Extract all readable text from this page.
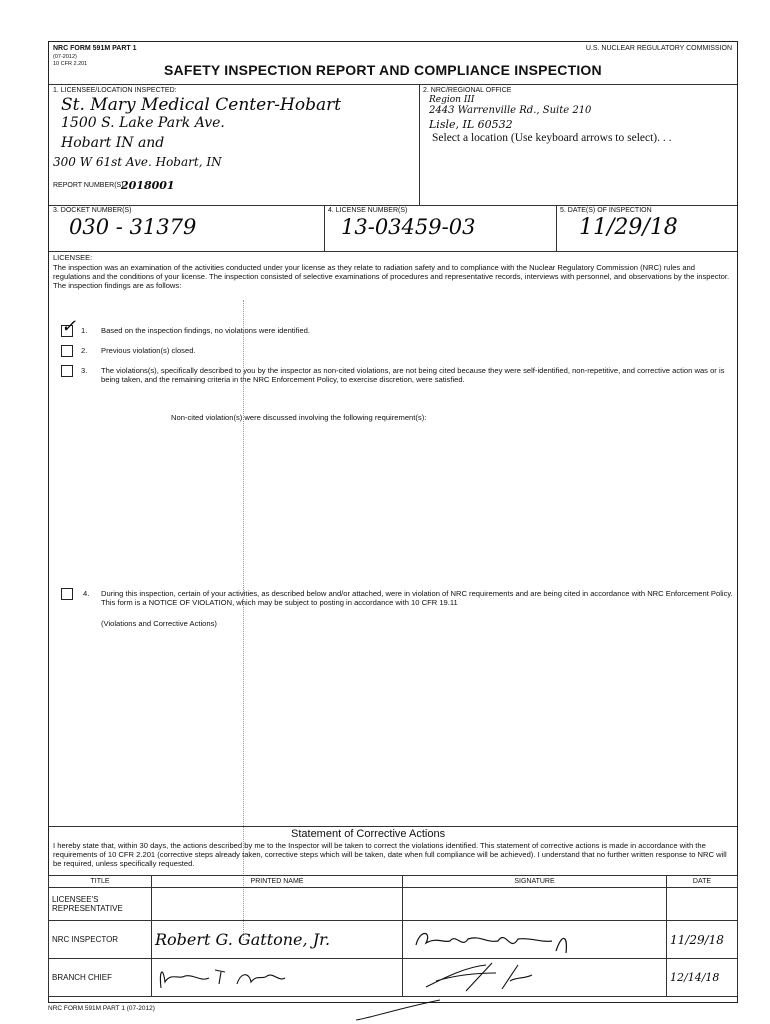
NRC FORM 591M PART 1
(07-2012)
10 CFR 2.201
U.S. NUCLEAR REGULATORY COMMISSION
SAFETY INSPECTION REPORT AND COMPLIANCE INSPECTION
1. LICENSEE/LOCATION INSPECTED:
St. Mary Medical Center-Hobart
1500 S. Lake Park Ave.
Hobart IN and
300 W 61st Ave. Hobart, IN
REPORT NUMBER(S)
2018001
2. NRC/REGIONAL OFFICE
Region III
2443 Warrenville Rd., Suite 210
Lisle, IL 60532
Select a location (Use keyboard arrows to select). . .
3. DOCKET NUMBER(S)
030 - 31379
4. LICENSE NUMBER(S)
13-03459-03
5. DATE(S) OF INSPECTION
11/29/18
LICENSEE:
The inspection was an examination of the activities conducted under your license as they relate to radiation safety and to compliance with the Nuclear Regulatory Commission (NRC) rules and regulations and the conditions of your license. The inspection consisted of selective examinations of procedures and representative records, interviews with personnel, and observations by the inspector. The inspection findings are as follows:
✓ 1. Based on the inspection findings, no violations were identified.
2. Previous violation(s) closed.
3. The violations(s), specifically described to you by the inspector as non-cited violations, are not being cited because they were self-identified, non-repetitive, and corrective action was or is being taken, and the remaining criteria in the NRC Enforcement Policy, to exercise discretion, were satisfied.
Non-cited violation(s) were discussed involving the following requirement(s):
4. During this inspection, certain of your activities, as described below and/or attached, were in violation of NRC requirements and are being cited in accordance with NRC Enforcement Policy. This form is a NOTICE OF VIOLATION, which may be subject to posting in accordance with 10 CFR 19.11
(Violations and Corrective Actions)
Statement of Corrective Actions
I hereby state that, within 30 days, the actions described by me to the Inspector will be taken to correct the violations identified. This statement of corrective actions is made in accordance with the requirements of 10 CFR 2.201 (corrective steps already taken, corrective steps which will be taken, date when full compliance will be achieved). I understand that no further written response to NRC will be required, unless specifically requested.
TITLE	PRINTED NAME	SIGNATURE	DATE
LICENSEE'S REPRESENTATIVE			
NRC INSPECTOR	Robert G. Gattone, Jr.		11/29/18
BRANCH CHIEF			12/14/18
NRC FORM 591M PART 1 (07-2012)
